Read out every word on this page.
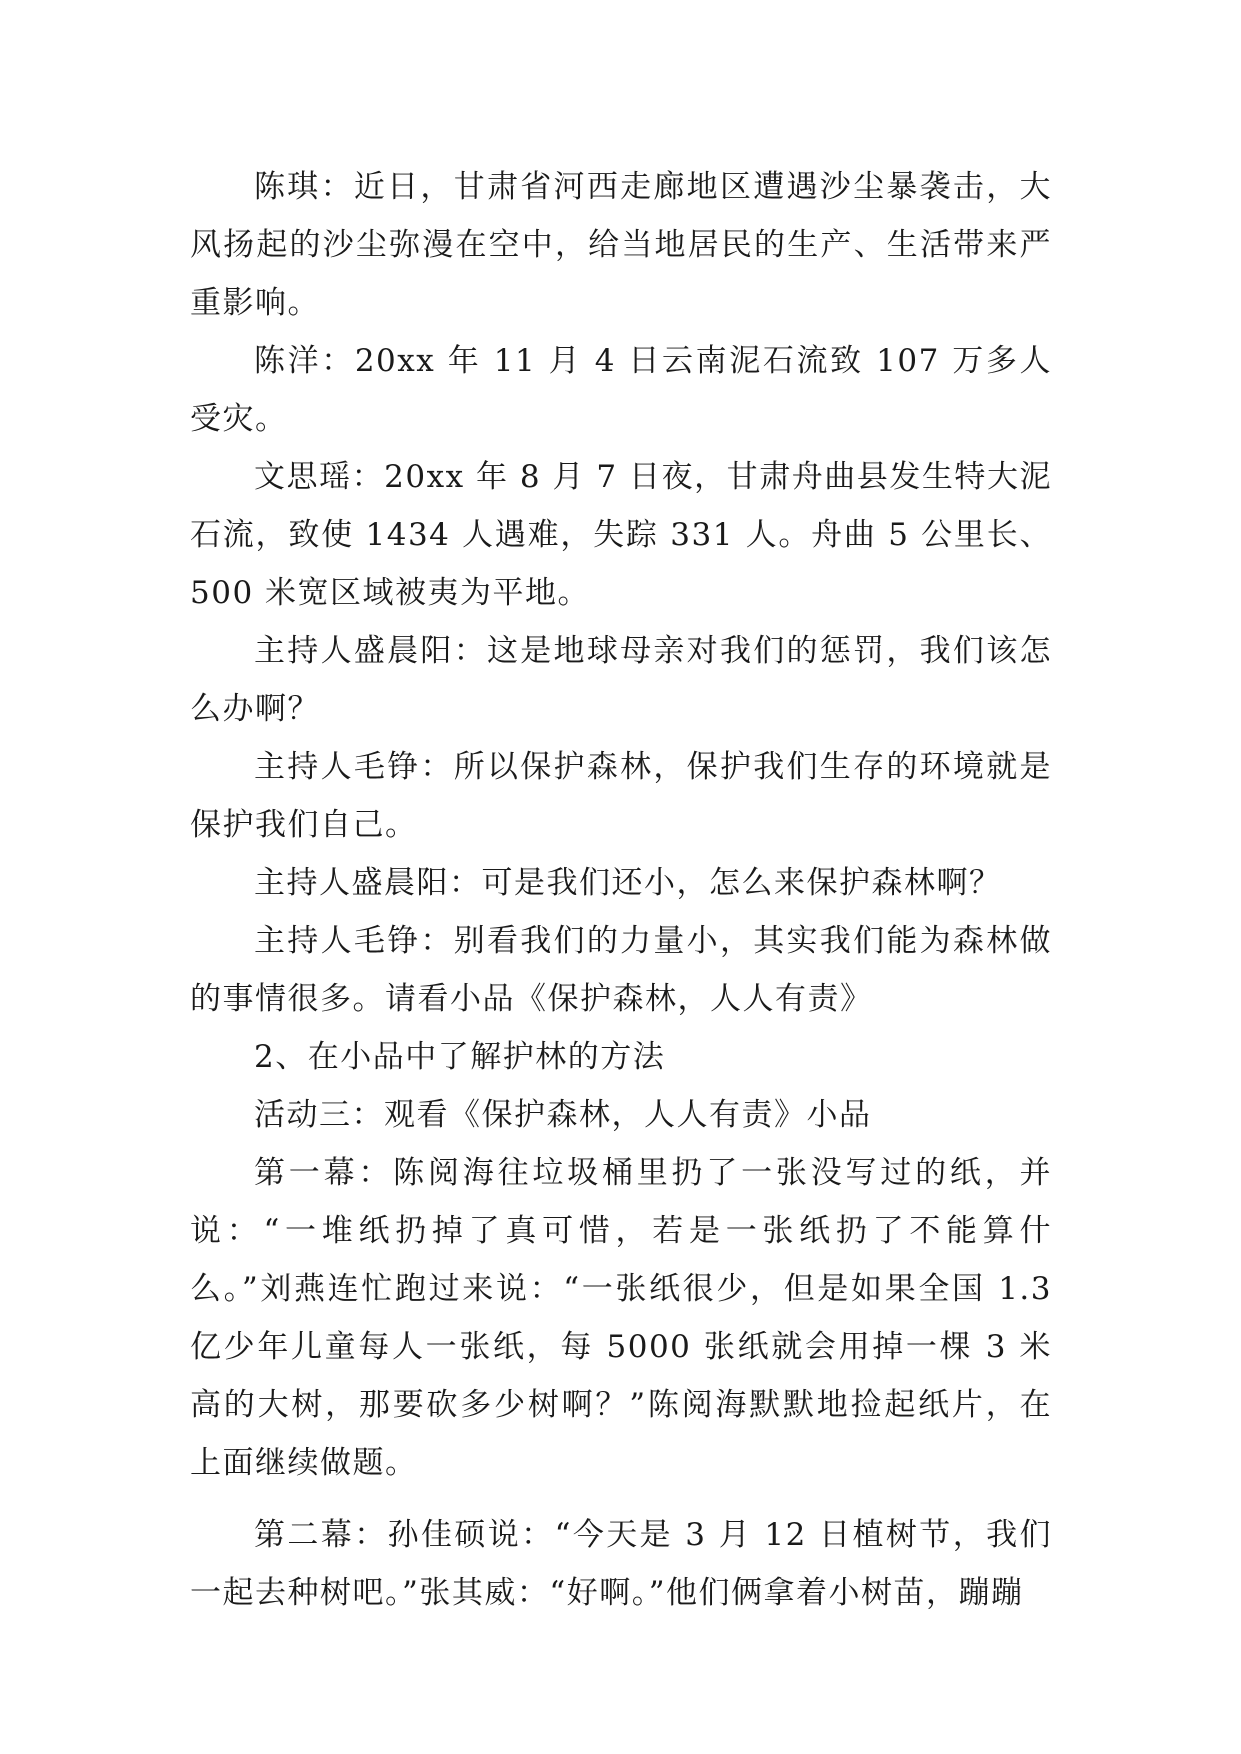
陈琪：近日，甘肃省河西走廊地区遭遇沙尘暴袭击，大风扬起的沙尘弥漫在空中，给当地居民的生产、生活带来严重影响。

陈洋：20xx 年 11 月 4 日云南泥石流致 107 万多人受灾。

文思瑶：20xx 年 8 月 7 日夜，甘肃舟曲县发生特大泥石流，致使 1434 人遇难，失踪 331 人。舟曲 5 公里长、500 米宽区域被夷为平地。

主持人盛晨阳：这是地球母亲对我们的惩罚，我们该怎么办啊？

主持人毛铮：所以保护森林，保护我们生存的环境就是保护我们自己。

主持人盛晨阳：可是我们还小，怎么来保护森林啊？

主持人毛铮：别看我们的力量小，其实我们能为森林做的事情很多。请看小品《保护森林，人人有责》

2、在小品中了解护林的方法

活动三：观看《保护森林，人人有责》小品

第一幕：陈阅海往垃圾桶里扔了一张没写过的纸，并说：“一堆纸扔掉了真可惜，若是一张纸扔了不能算什么。”刘燕连忙跑过来说：“一张纸很少，但是如果全国 1.3 亿少年儿童每人一张纸，每 5000 张纸就会用掉一棵 3 米高的大树，那要砍多少树啊？”陈阅海默默地捡起纸片，在上面继续做题。

第二幕：孙佳硕说：“今天是 3 月 12 日植树节，我们一起去种树吧。”张其威：“好啊。”他们俩拿着小树苗，蹦蹦
